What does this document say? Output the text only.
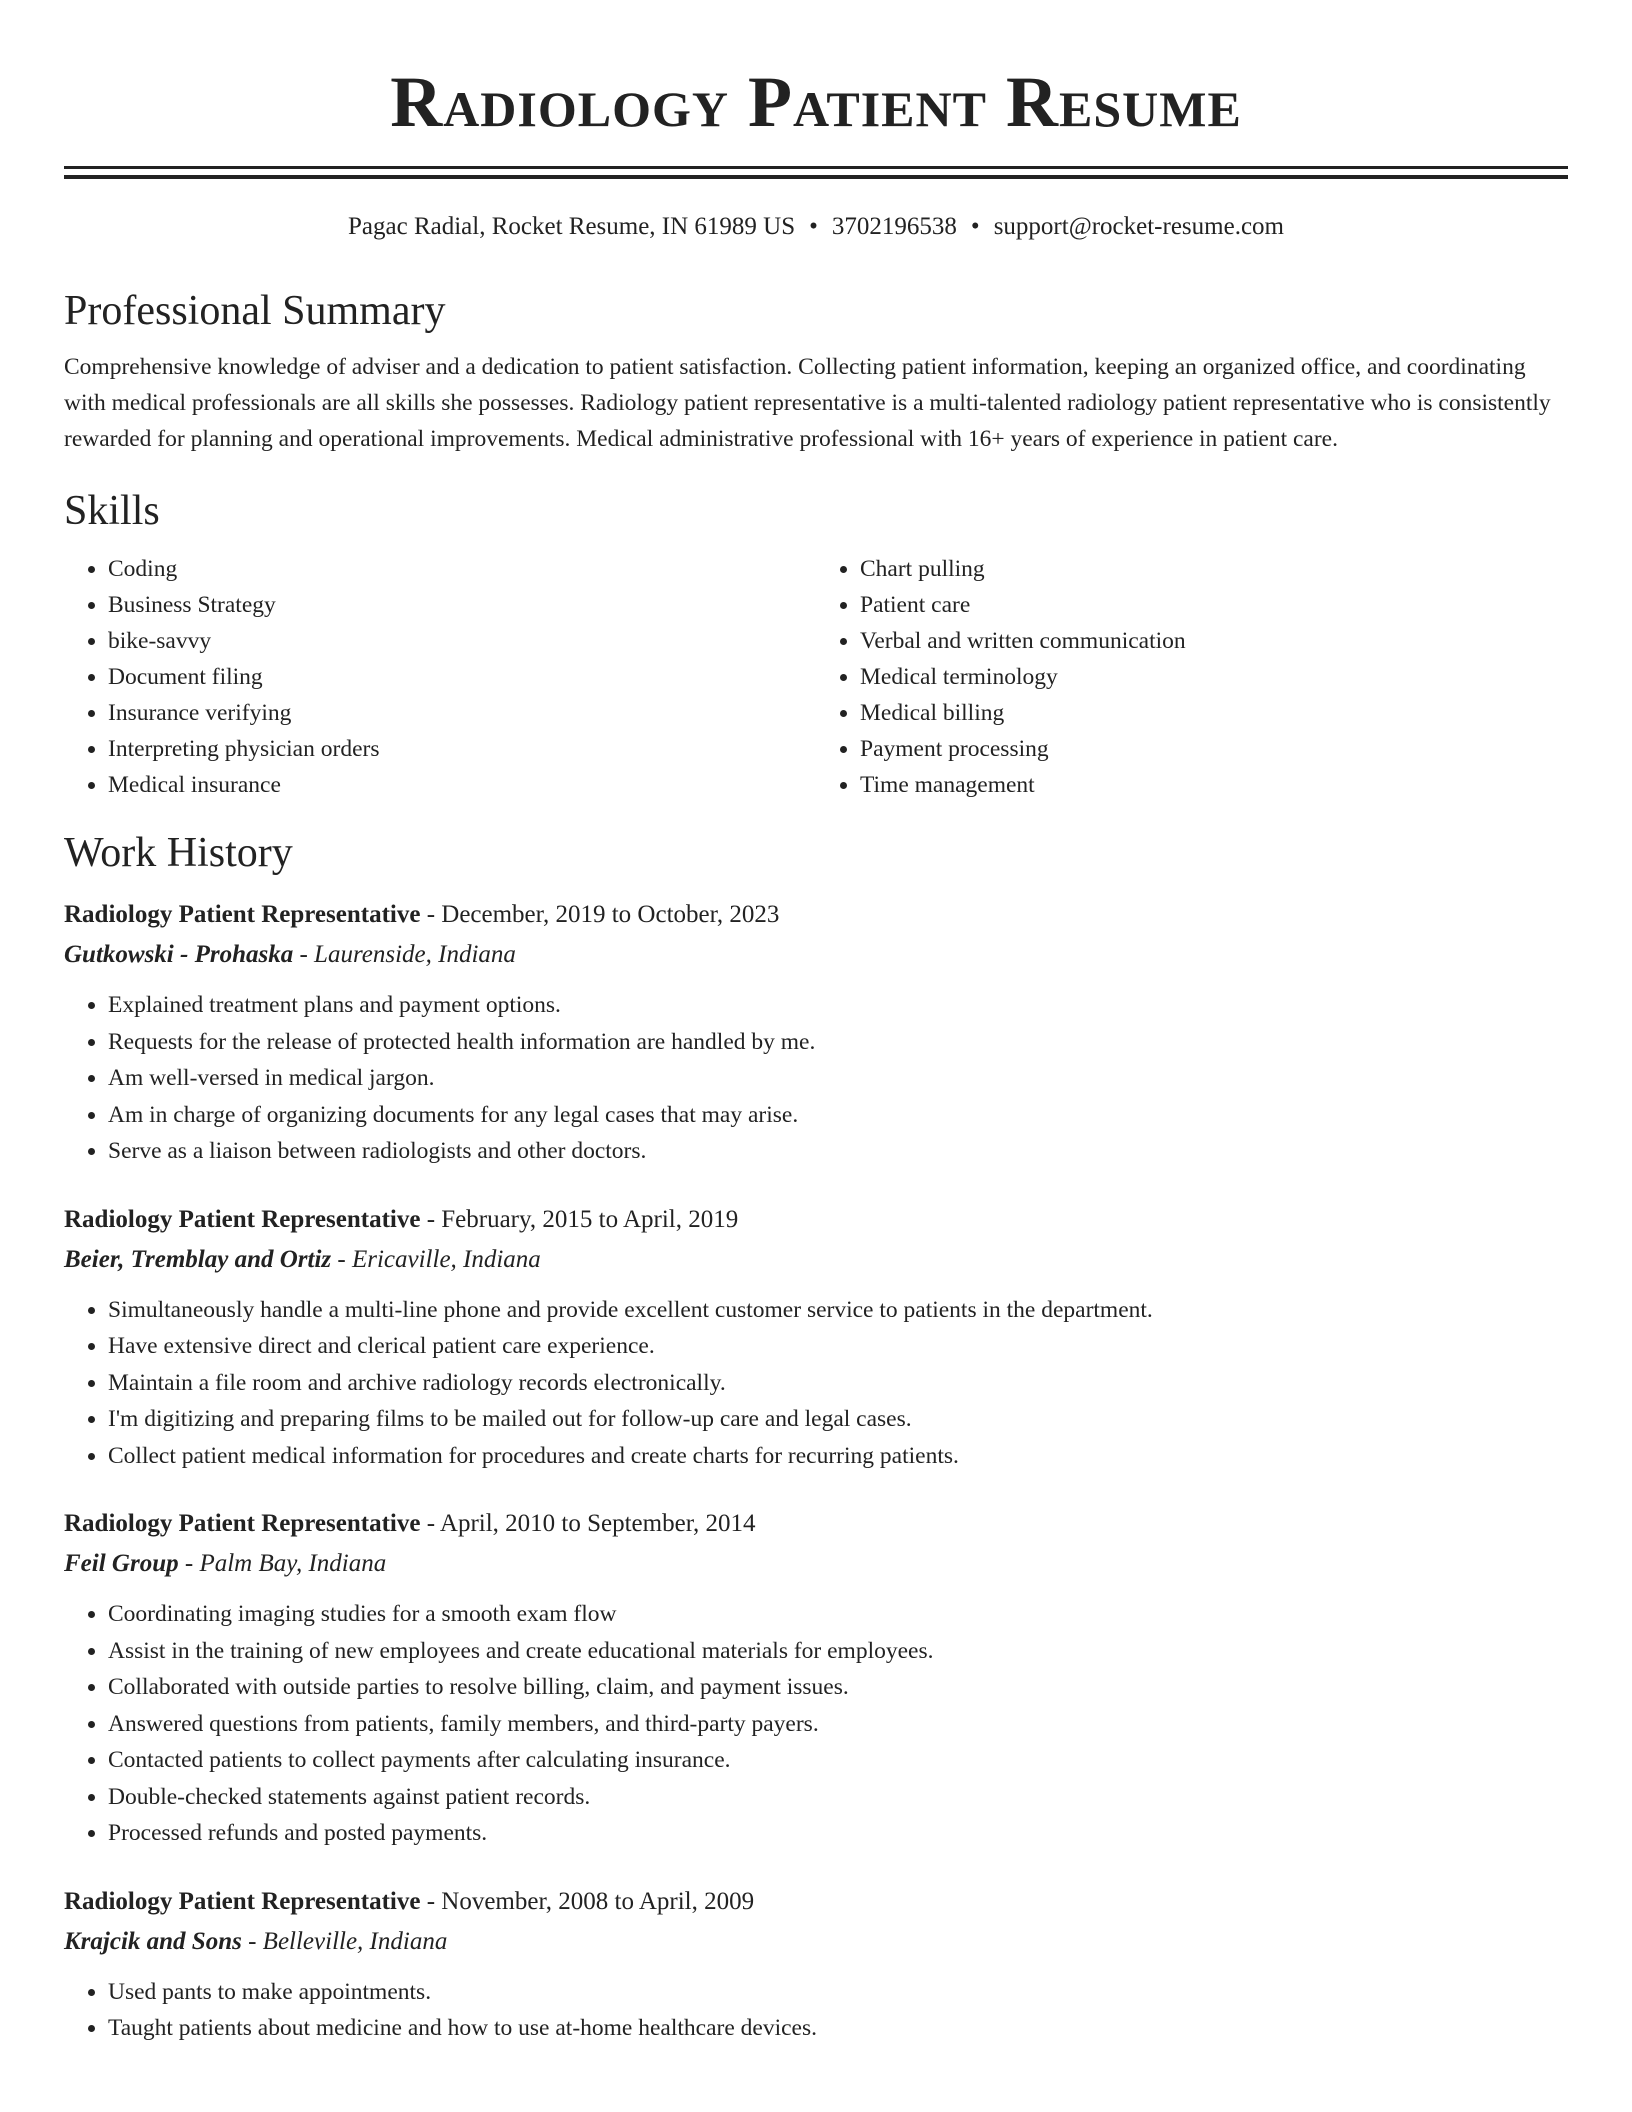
Radiology Patient Resume
Pagac Radial, Rocket Resume, IN 61989 US • 3702196538 • support@rocket-resume.com
Professional Summary
Comprehensive knowledge of adviser and a dedication to patient satisfaction. Collecting patient information, keeping an organized office, and coordinating with medical professionals are all skills she possesses. Radiology patient representative is a multi-talented radiology patient representative who is consistently rewarded for planning and operational improvements. Medical administrative professional with 16+ years of experience in patient care.
Skills
• Coding
• Business Strategy
• bike-savvy
• Document filing
• Insurance verifying
• Interpreting physician orders
• Medical insurance
• Chart pulling
• Patient care
• Verbal and written communication
• Medical terminology
• Medical billing
• Payment processing
• Time management
Work History
Radiology Patient Representative - December, 2019 to October, 2023
Gutkowski - Prohaska - Laurenside, Indiana
• Explained treatment plans and payment options.
• Requests for the release of protected health information are handled by me.
• Am well-versed in medical jargon.
• Am in charge of organizing documents for any legal cases that may arise.
• Serve as a liaison between radiologists and other doctors.
Radiology Patient Representative - February, 2015 to April, 2019
Beier, Tremblay and Ortiz - Ericaville, Indiana
• Simultaneously handle a multi-line phone and provide excellent customer service to patients in the department.
• Have extensive direct and clerical patient care experience.
• Maintain a file room and archive radiology records electronically.
• I'm digitizing and preparing films to be mailed out for follow-up care and legal cases.
• Collect patient medical information for procedures and create charts for recurring patients.
Radiology Patient Representative - April, 2010 to September, 2014
Feil Group - Palm Bay, Indiana
• Coordinating imaging studies for a smooth exam flow
• Assist in the training of new employees and create educational materials for employees.
• Collaborated with outside parties to resolve billing, claim, and payment issues.
• Answered questions from patients, family members, and third-party payers.
• Contacted patients to collect payments after calculating insurance.
• Double-checked statements against patient records.
• Processed refunds and posted payments.
Radiology Patient Representative - November, 2008 to April, 2009
Krajcik and Sons - Belleville, Indiana
• Used pants to make appointments.
• Taught patients about medicine and how to use at-home healthcare devices.
